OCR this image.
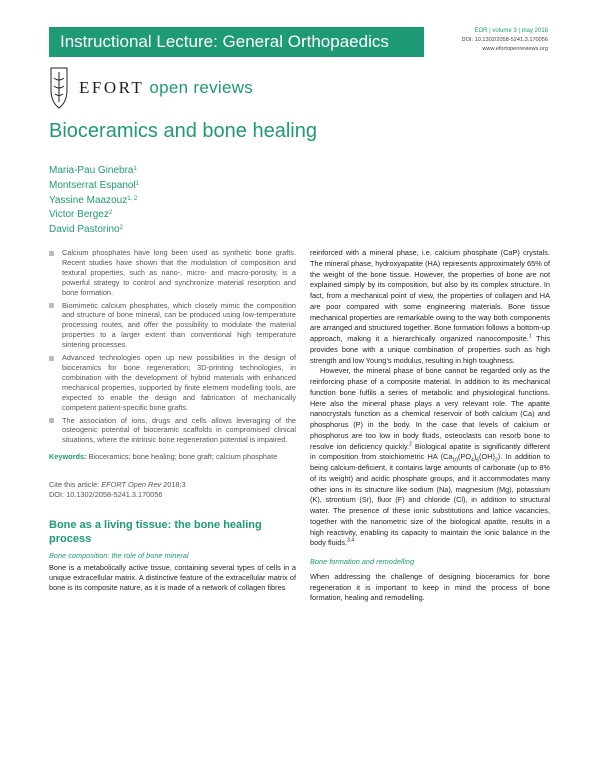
Instructional Lecture: General Orthopaedics
EOR | volume 3 | may 2018
DOI: 10.1302/2058-5241.3.170056
www.efortopenreviews.org
EFORT open reviews
Bioceramics and bone healing
Maria-Pau Ginebra$^1$
Montserrat Espanol$^1$
Yassine Maazouz$^{1, 2}$
Victor Bergez$^2$
David Pastorino$^2$
Calcium phosphates have long been used as synthetic bone grafts. Recent studies have shown that the modulation of composition and textural properties, such as nano-, micro- and macro-porosity, is a powerful strategy to control and synchronize material resorption and bone formation.
Biomimetic calcium phosphates, which closely mimic the composition and structure of bone mineral, can be produced using low-temperature processing routes, and offer the possibility to modulate the material properties to a larger extent than conventional high temperature sintering processes.
Advanced technologies open up new possibilities in the design of bioceramics for bone regeneration; 3D-printing technologies, in combination with the development of hybrid materials with enhanced mechanical properties, supported by finite element modelling tools, are expected to enable the design and fabrication of mechanically competent patient-specific bone grafts.
The association of ions, drugs and cells allows leveraging of the osteogenic potential of bioceramic scaffolds in compromised clinical situations, where the intrinsic bone regeneration potential is impaired.
Keywords: Bioceramics; bone healing; bone graft; calcium phosphate
Cite this article: EFORT Open Rev 2018;3
DOI: 10.1302/2058-5241.3.170056
Bone as a living tissue: the bone healing process
Bone composition: the role of bone mineral
Bone is a metabolically active tissue, containing several types of cells in a unique extracellular matrix. A distinctive feature of the extracellular matrix of bone is its composite nature, as it is made of a network of collagen fibres

reinforced with a mineral phase, i.e. calcium phosphate (CaP) crystals. The mineral phase, hydroxyapatite (HA) represents approximately 65% of the weight of the bone tissue. However, the properties of bone are not explained simply by its composition, but also by its complex structure. In fact, from a mechanical point of view, the properties of collagen and HA are poor compared with some engineering materials. Bone tissue mechanical properties are remarkable owing to the way both components are arranged and structured together. Bone formation follows a bottom-up approach, making it a hierarchically organized nanocomposite.$^1$ This provides bone with a unique combination of properties such as high strength and low Young’s modulus, resulting in high toughness.

However, the mineral phase of bone cannot be regarded only as the reinforcing phase of a composite material. In addition to its mechanical function bone fulfils a series of metabolic and physiological functions. Here also the mineral phase plays a very relevant role. The apatite nanocrystals function as a chemical reservoir of both calcium (Ca) and phosphorus (P) in the body. In the case that levels of calcium or phosphorus are too low in body fluids, osteoclasts can resorb bone to resolve ion deficiency quickly.$^2$ Biological apatite is significantly different in composition from stoichiometric HA $(Ca_{10}(PO_4)_6(OH)_2)$. In addition to being calcium-deficient, it contains large amounts of carbonate (up to 8% of its weight) and acidic phosphate groups, and it accommodates many other ions in its structure like sodium (Na), magnesium (Mg), potassium (K), strontium (Sr), fluor (F) and chloride (Cl), in addition to structural water. The presence of these ionic substitutions and lattice vacancies, together with the nanometric size of the biological apatite, results in a high reactivity, enabling its capacity to maintain the ionic balance in the body fluids.$^{3,4}$

Bone formation and remodelling

When addressing the challenge of designing bioceramics for bone regeneration it is important to keep in mind the process of bone formation, healing and remodelling.
